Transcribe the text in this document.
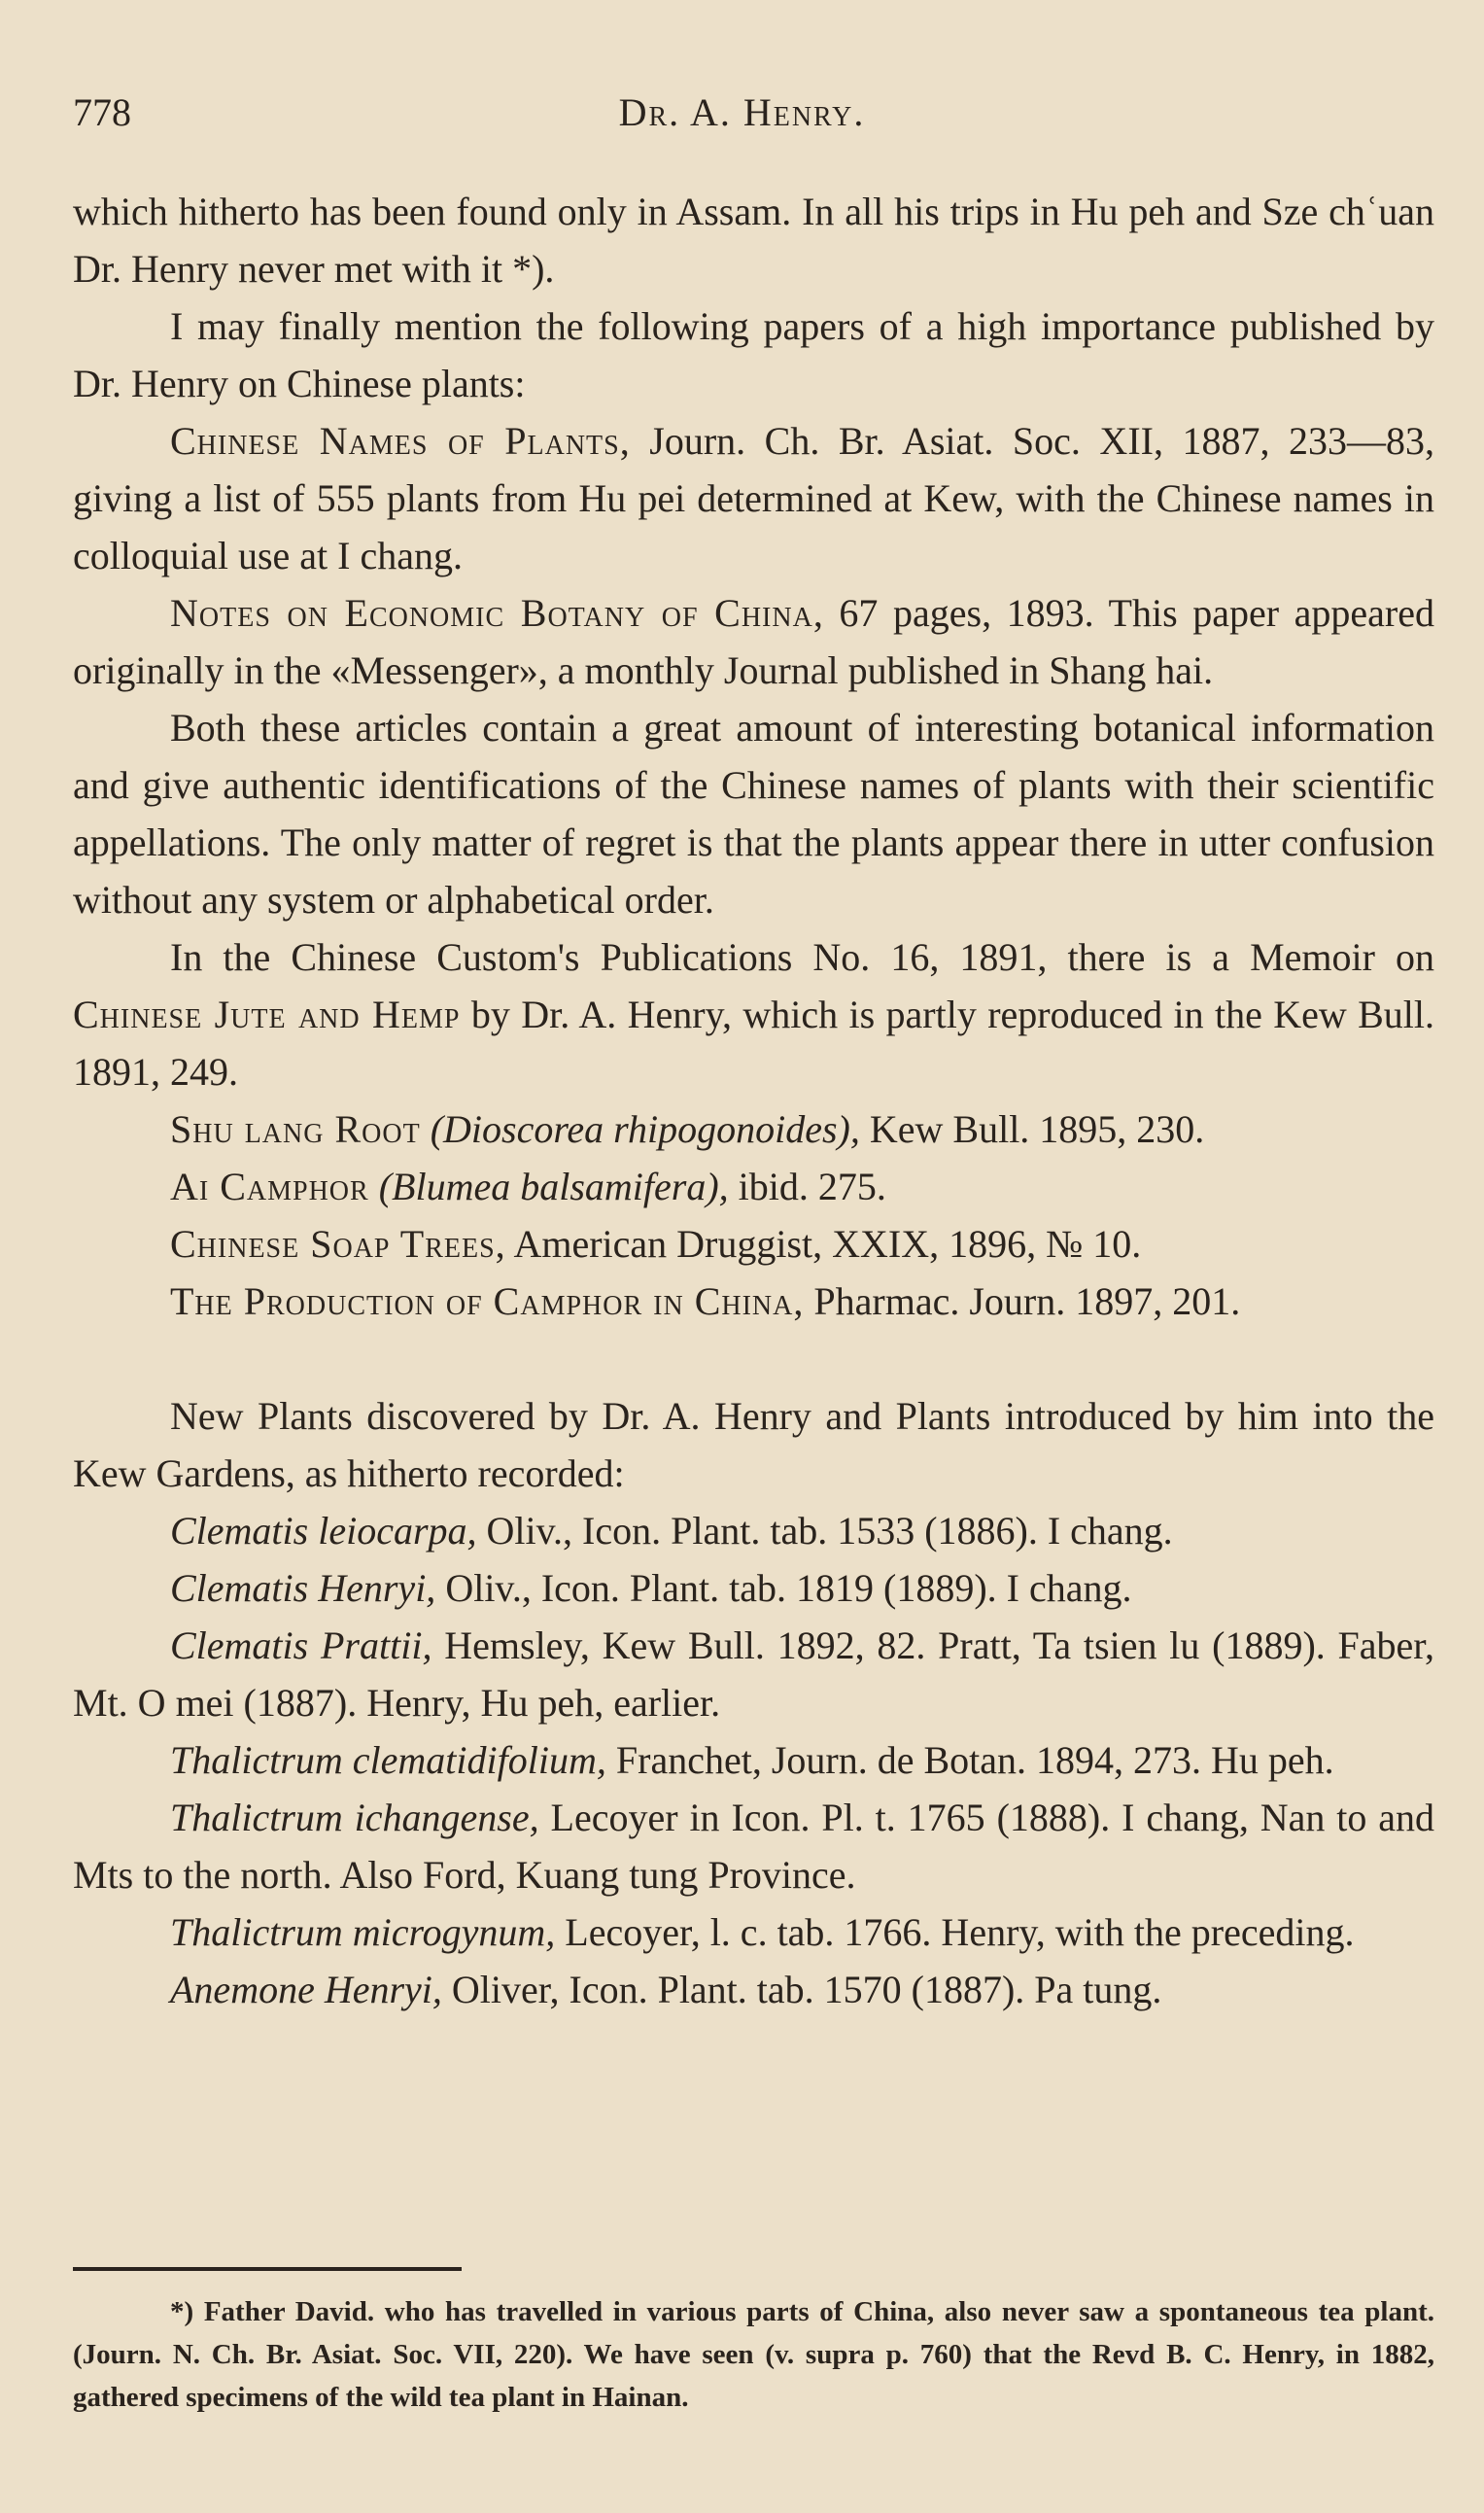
778	Dr. A. Henry.

which hitherto has been found only in Assam. In all his trips in Hu peh and Sze chʿuan Dr. Henry never met with it *).

I may finally mention the following papers of a high importance published by Dr. Henry on Chinese plants:

Chinese Names of Plants, Journ. Ch. Br. Asiat. Soc. XII, 1887, 233—83, giving a list of 555 plants from Hu pei determined at Kew, with the Chinese names in colloquial use at I chang.

Notes on Economic Botany of China, 67 pages, 1893. This paper appeared originally in the «Messenger», a monthly Journal published in Shang hai.

Both these articles contain a great amount of interesting botanical information and give authentic identifications of the Chinese names of plants with their scientific appellations. The only matter of regret is that the plants appear there in utter confusion without any system or alphabetical order.

In the Chinese Custom's Publications No. 16, 1891, there is a Memoir on Chinese Jute and Hemp by Dr. A. Henry, which is partly reproduced in the Kew Bull. 1891, 249.

Shu lang Root (Dioscorea rhipogonoides), Kew Bull. 1895, 230.

Ai Camphor (Blumea balsamifera), ibid. 275.

Chinese Soap Trees, American Druggist, XXIX, 1896, № 10.

The Production of Camphor in China, Pharmac. Journ. 1897, 201.

New Plants discovered by Dr. A. Henry and Plants introduced by him into the Kew Gardens, as hitherto recorded:

Clematis leiocarpa, Oliv., Icon. Plant. tab. 1533 (1886). I chang.

Clematis Henryi, Oliv., Icon. Plant. tab. 1819 (1889). I chang.

Clematis Prattii, Hemsley, Kew Bull. 1892, 82. Pratt, Ta tsien lu (1889). Faber, Mt. O mei (1887). Henry, Hu peh, earlier.

Thalictrum clematidifolium, Franchet, Journ. de Botan. 1894, 273. Hu peh.

Thalictrum ichangense, Lecoyer in Icon. Pl. t. 1765 (1888). I chang, Nan to and Mts to the north. Also Ford, Kuang tung Province.

Thalictrum microgynum, Lecoyer, l. c. tab. 1766. Henry, with the preceding.

Anemone Henryi, Oliver, Icon. Plant. tab. 1570 (1887). Pa tung.

*) Father David. who has travelled in various parts of China, also never saw a spontaneous tea plant. (Journ. N. Ch. Br. Asiat. Soc. VII, 220). We have seen (v. supra p. 760) that the Revd B. C. Henry, in 1882, gathered specimens of the wild tea plant in Hainan.
